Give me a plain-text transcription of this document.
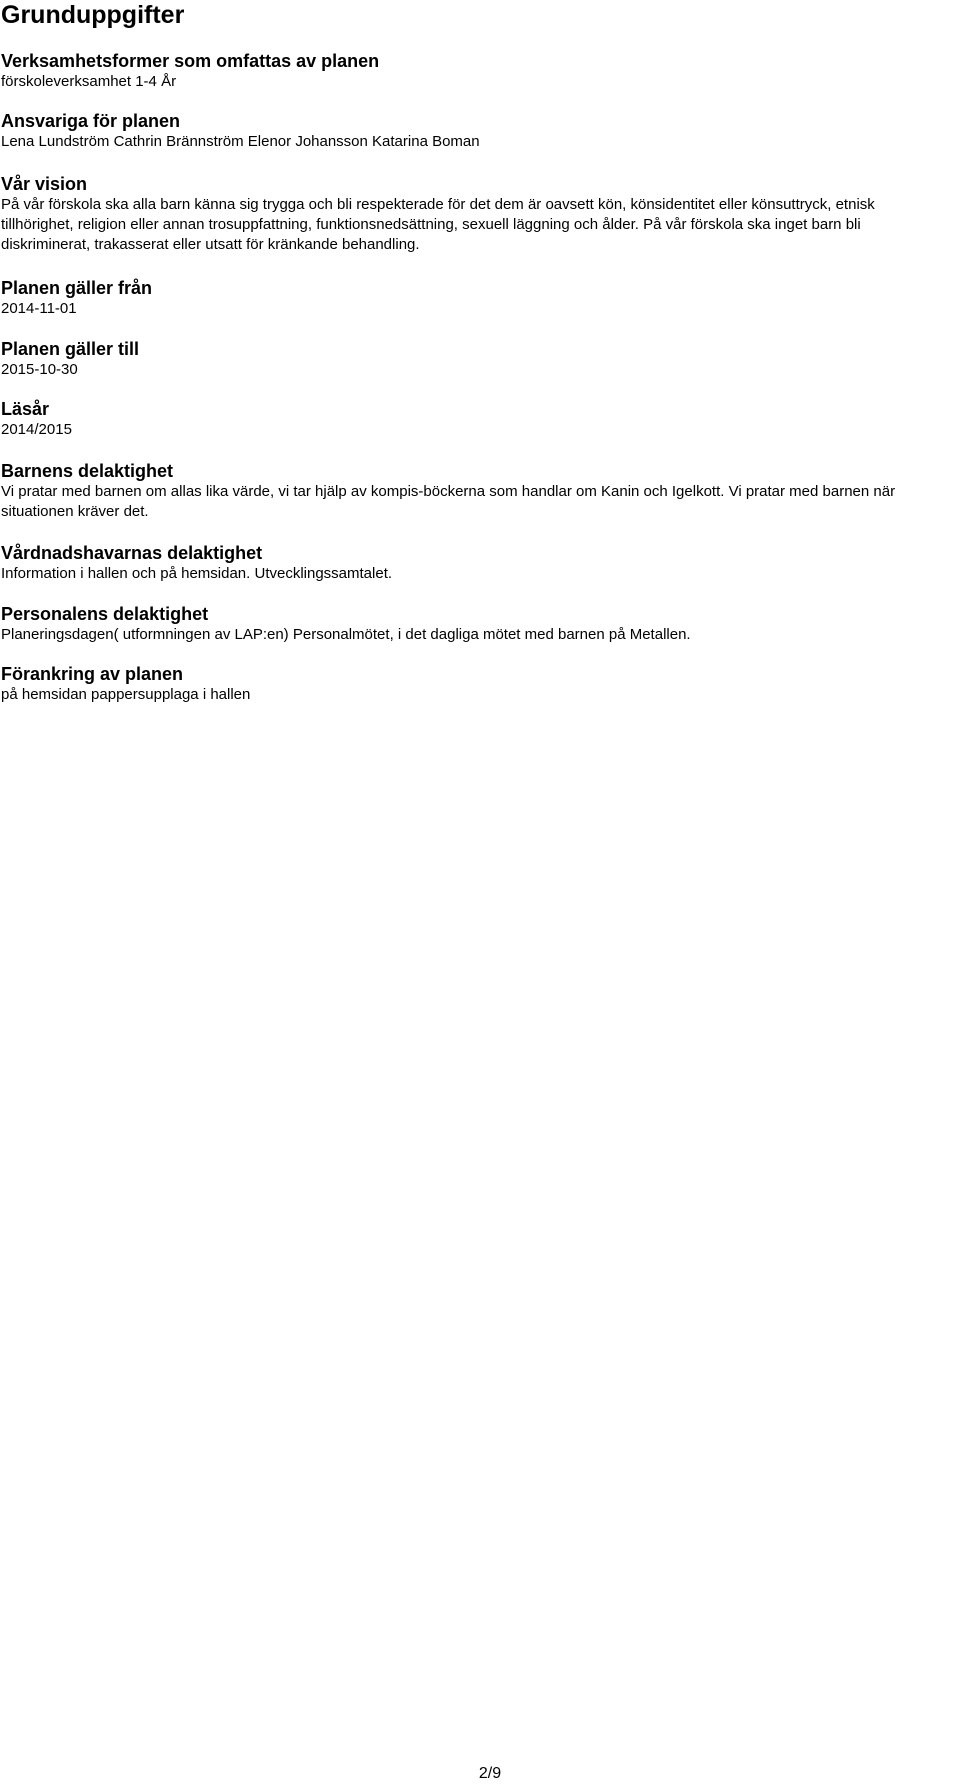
Grunduppgifter
Verksamhetsformer som omfattas av planen
förskoleverksamhet 1-4 År
Ansvariga för planen
Lena Lundström Cathrin Brännström Elenor Johansson Katarina Boman
Vår vision
På vår förskola ska alla barn känna sig trygga och bli respekterade för det dem är oavsett kön, könsidentitet eller könsuttryck, etnisk tillhörighet, religion eller annan trosuppfattning, funktionsnedsättning, sexuell läggning och ålder. På vår förskola ska inget barn bli diskriminerat, trakasserat eller utsatt för kränkande behandling.
Planen gäller från
2014-11-01
Planen gäller till
2015-10-30
Läsår
2014/2015
Barnens delaktighet
Vi pratar med barnen om allas lika värde, vi tar hjälp av kompis-böckerna som handlar om Kanin och Igelkott. Vi pratar med barnen när situationen kräver det.
Vårdnadshavarnas delaktighet
Information i hallen och på hemsidan. Utvecklingssamtalet.
Personalens delaktighet
Planeringsdagen( utformningen av LAP:en) Personalmötet, i det dagliga mötet med barnen på Metallen.
Förankring av planen
på hemsidan pappersupplaga i hallen
2/9
